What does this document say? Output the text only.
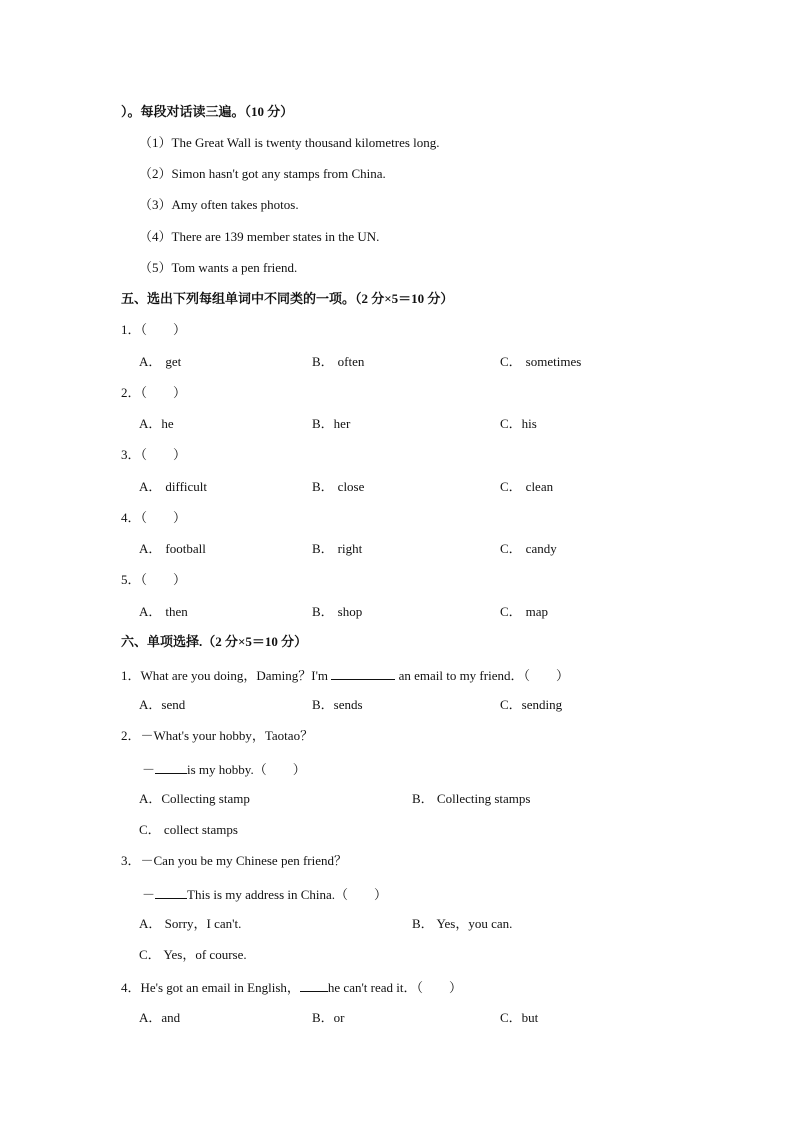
）。每段对话读三遍。（10 分）
（1）The Great Wall is twenty thousand kilometres long.
（2）Simon hasn't got any stamps from China.
（3）Amy often takes photos.
（4）There are 139 member states in the UN.
（5）Tom wants a pen friend.
五、选出下列每组单词中不同类的一项。（2 分×5＝10 分）
1．（　　）
A． get	B． often	C． sometimes
2．（　　）
A．he	B．her	C．his
3．（　　）
A． difficult	B． close	C． clean
4．（　　）
A． football	B． right	C． candy
5．（　　）
A． then	B． shop	C． map
六、单项选择.（2 分×5＝10 分）
1．What are you doing，Daming？I'm	an email to my friend．（　　）
A．send	B．sends	C．sending
2．－What's your hobby，Taotao？
－ is my hobby.（　　）
A．Collecting stamp	B． Collecting stamps
C． collect stamps
3．－Can you be my Chinese pen friend？
－ This is my address in China.（　　）
A． Sorry，I can't.	B． Yes，you can.
C． Yes，of course.
4．He's got an email in English， he can't read it．（　　）
A．and	B．or	C．but
